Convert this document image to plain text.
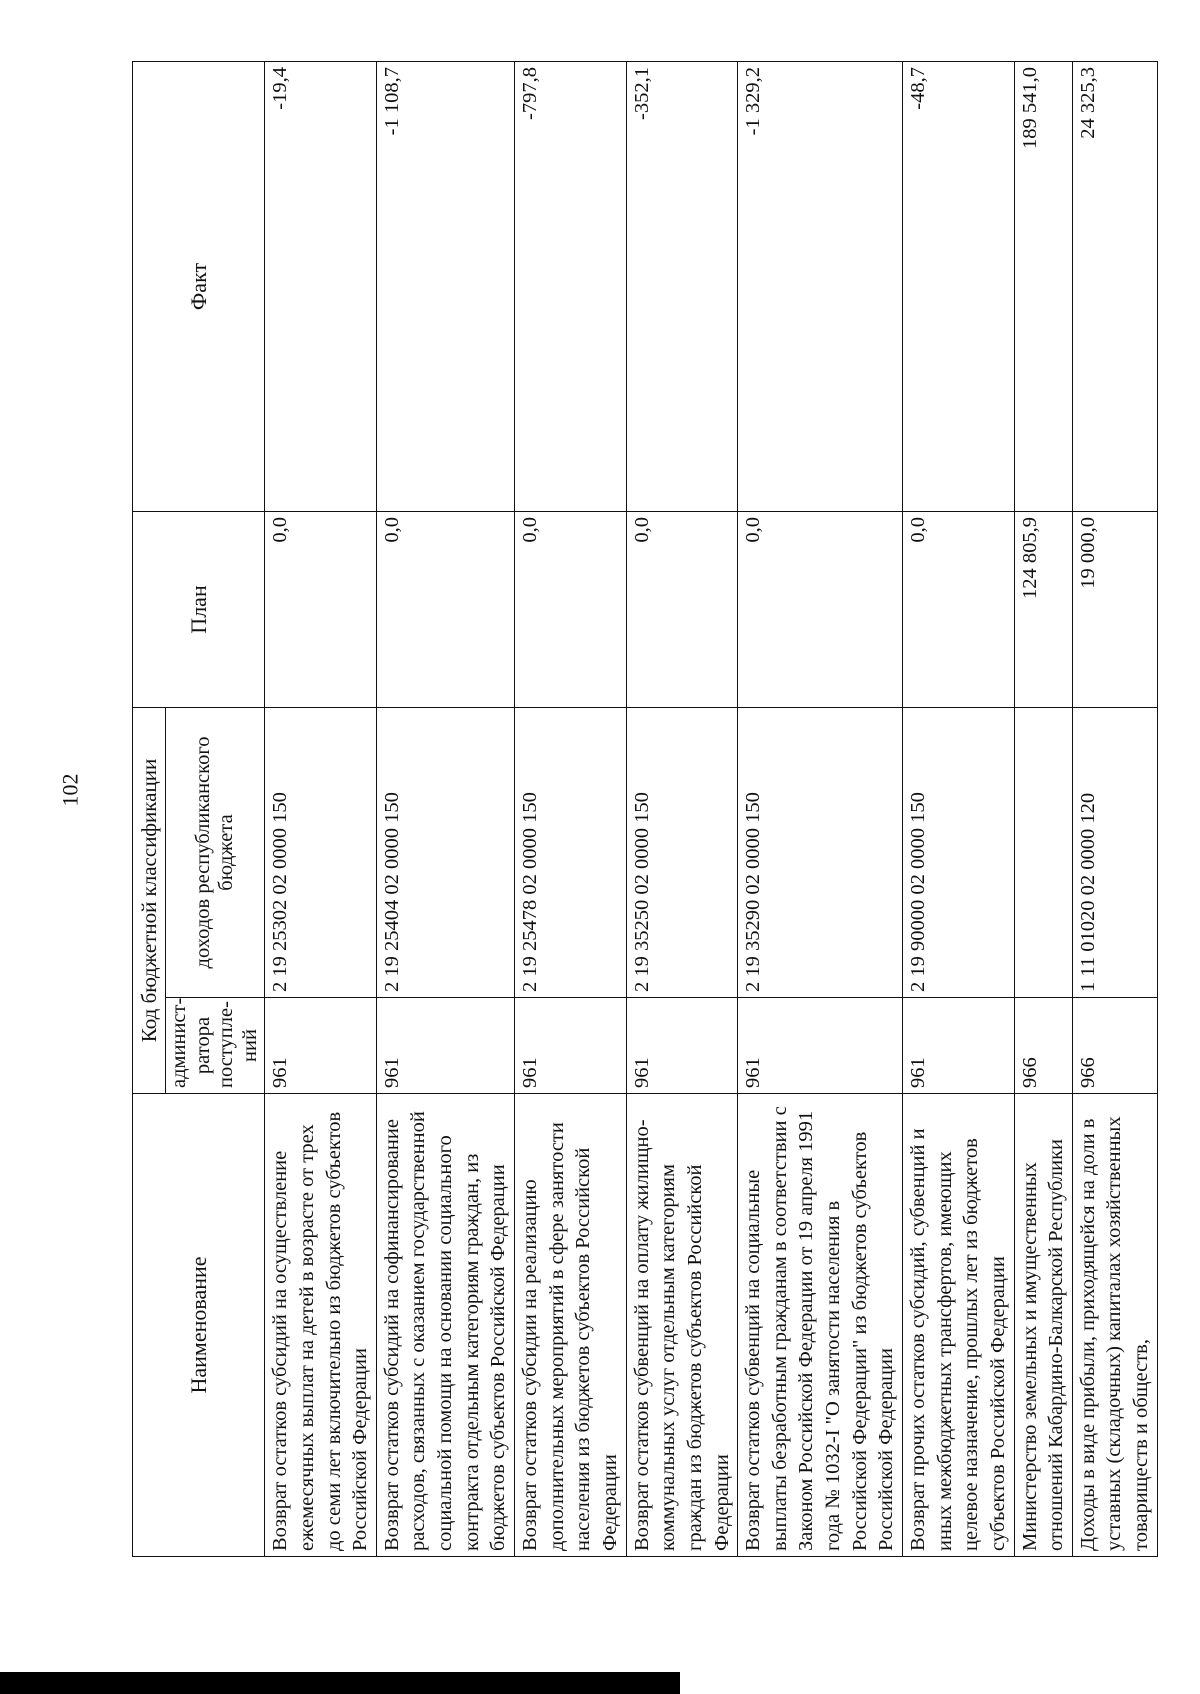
102
Наименование	Код бюджетной классификации		План	Факт
	админист-ратора поступле-ний	доходов республиканского бюджета		
Возврат остатков субсидий на осуществление ежемесячных выплат на детей в возрасте от трех до семи лет включительно из бюджетов субъектов Российской Федерации	961	2 19 25302 02 0000 150	0,0	-19,4
Возврат остатков субсидий на софинансирование расходов, связанных с оказанием государственной социальной помощи на основании социального контракта отдельным категориям граждан, из бюджетов субъектов Российской Федерации	961	2 19 25404 02 0000 150	0,0	-1 108,7
Возврат остатков субсидии на реализацию дополнительных мероприятий в сфере занятости населения из бюджетов субъектов Российской Федерации	961	2 19 25478 02 0000 150	0,0	-797,8
Возврат остатков субвенций на оплату жилищно-коммунальных услуг отдельным категориям граждан из бюджетов субъектов Российской Федерации	961	2 19 35250 02 0000 150	0,0	-352,1
Возврат остатков субвенций на социальные выплаты безработным гражданам в соответствии с Законом Российской Федерации от 19 апреля 1991 года № 1032-I "О занятости населения в Российской Федерации" из бюджетов субъектов Российской Федерации	961	2 19 35290 02 0000 150	0,0	-1 329,2
Возврат прочих остатков субсидий, субвенций и иных межбюджетных трансфертов, имеющих целевое назначение, прошлых лет из бюджетов субъектов Российской Федерации	961	2 19 90000 02 0000 150	0,0	-48,7
Министерство земельных и имущественных отношений Кабардино-Балкарской Республики	966		124 805,9	189 541,0
Доходы в виде прибыли, приходящейся на доли в уставных (складочных) капиталах хозяйственных товариществ и обществ,	966	1 11 01020 02 0000 120	19 000,0	24 325,3
